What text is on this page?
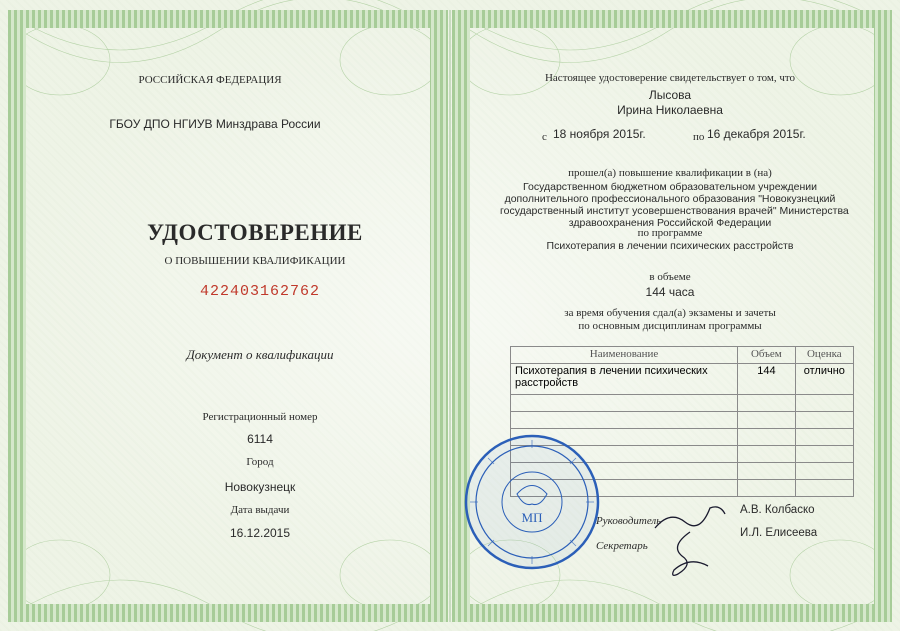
РОССИЙСКАЯ ФЕДЕРАЦИЯ
ГБОУ ДПО НГИУВ Минздрава России
УДОСТОВЕРЕНИЕ
О ПОВЫШЕНИИ КВАЛИФИКАЦИИ
422403162762
Документ о квалификации
Регистрационный номер
6114
Город
Новокузнецк
Дата выдачи
16.12.2015
Настоящее удостоверение свидетельствует о том, что
Лысова
Ирина Николаевна
с 18 ноября 2015г.	по 16 декабря 2015г.
прошел(а) повышение квалификации в (на)
Государственном бюджетном образовательном учреждении
дополнительного профессионального образования "Новокузнецкий
государственный институт усовершенствования врачей" Министерства
здравоохранения Российской Федерации
по программе
Психотерапия в лечении психических расстройств
в объеме
144 часа
за время обучения сдал(а) экзамены и зачеты
по основным дисциплинам программы
Наименование	Объем	Оценка
Психотерапия в лечении психических расстройств	144	отлично

МП	Руководитель
А.В. Колбаско
Секретарь
И.Л. Елисеева
